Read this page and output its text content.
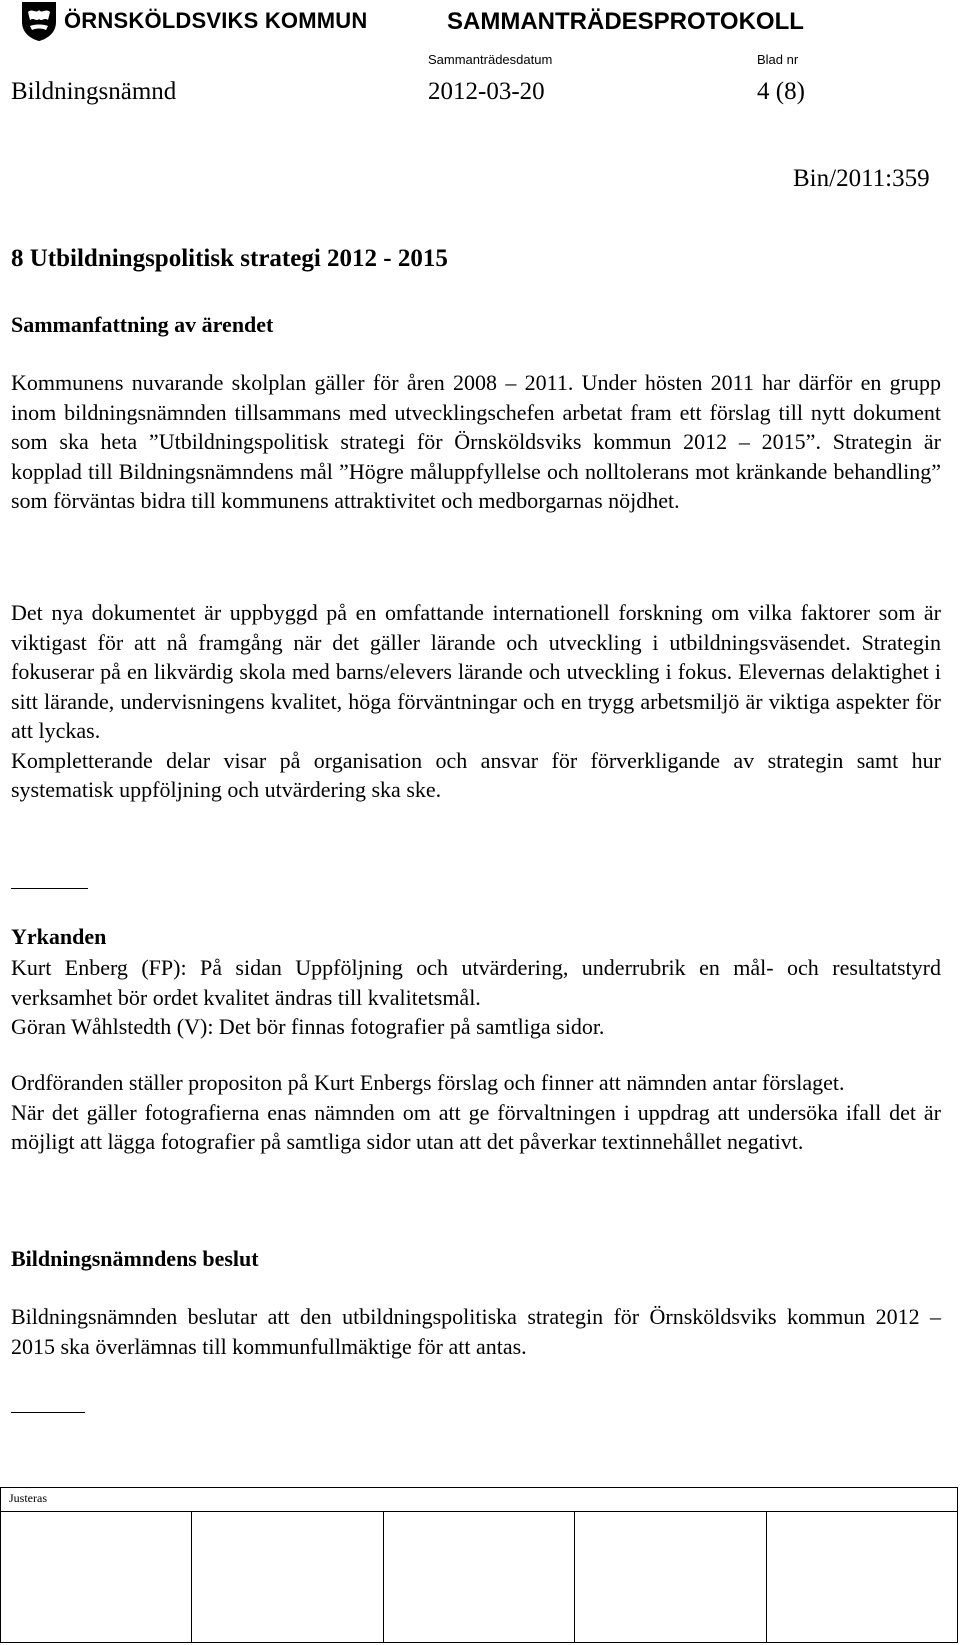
ÖRNSKÖLDSVIKS KOMMUN	SAMMANTRÄDESPROTOKOLL
Sammanträdesdatum	Blad nr
Bildningsnämnd	2012-03-20	4 (8)
Bin/2011:359
8 Utbildningspolitisk strategi 2012 - 2015
Sammanfattning av ärendet

Kommunens nuvarande skolplan gäller för åren 2008 – 2011. Under hösten 2011 har därför en grupp inom bildningsnämnden tillsammans med utvecklingschefen arbetat fram ett förslag till nytt dokument som ska heta ”Utbildningspolitisk strategi för Örnsköldsviks kommun 2012 – 2015”. Strategin är kopplad till Bildningsnämndens mål ”Högre måluppfyllelse och nolltolerans mot kränkande behandling” som förväntas bidra till kommunens attraktivitet och medborgarnas nöjdhet.

Det nya dokumentet är uppbyggd på en omfattande internationell forskning om vilka faktorer som är viktigast för att nå framgång när det gäller lärande och utveckling i utbildningsväsendet. Strategin fokuserar på en likvärdig skola med barns/elevers lärande och utveckling i fokus. Elevernas delaktighet i sitt lärande, undervisningens kvalitet, höga förväntningar och en trygg arbetsmiljö är viktiga aspekter för att lyckas.

Kompletterande delar visar på organisation och ansvar för förverkligande av strategin samt hur systematisk uppföljning och utvärdering ska ske.

Yrkanden

Kurt Enberg (FP): På sidan Uppföljning och utvärdering, underrubrik en mål- och resultatstyrd verksamhet bör ordet kvalitet ändras till kvalitetsmål.

Göran Wåhlstedth (V): Det bör finnas fotografier på samtliga sidor.

Ordföranden ställer propositon på Kurt Enbergs förslag och finner att nämnden antar förslaget.

När det gäller fotografierna enas nämnden om att ge förvaltningen i uppdrag att undersöka ifall det är möjligt att lägga fotografier på samtliga sidor utan att det påverkar textinnehållet negativt.

Bildningsnämndens beslut

Bildningsnämnden beslutar att den utbildningspolitiska strategin för Örnsköldsviks kommun 2012 – 2015 ska överlämnas till kommunfullmäktige för att antas.

Justeras
